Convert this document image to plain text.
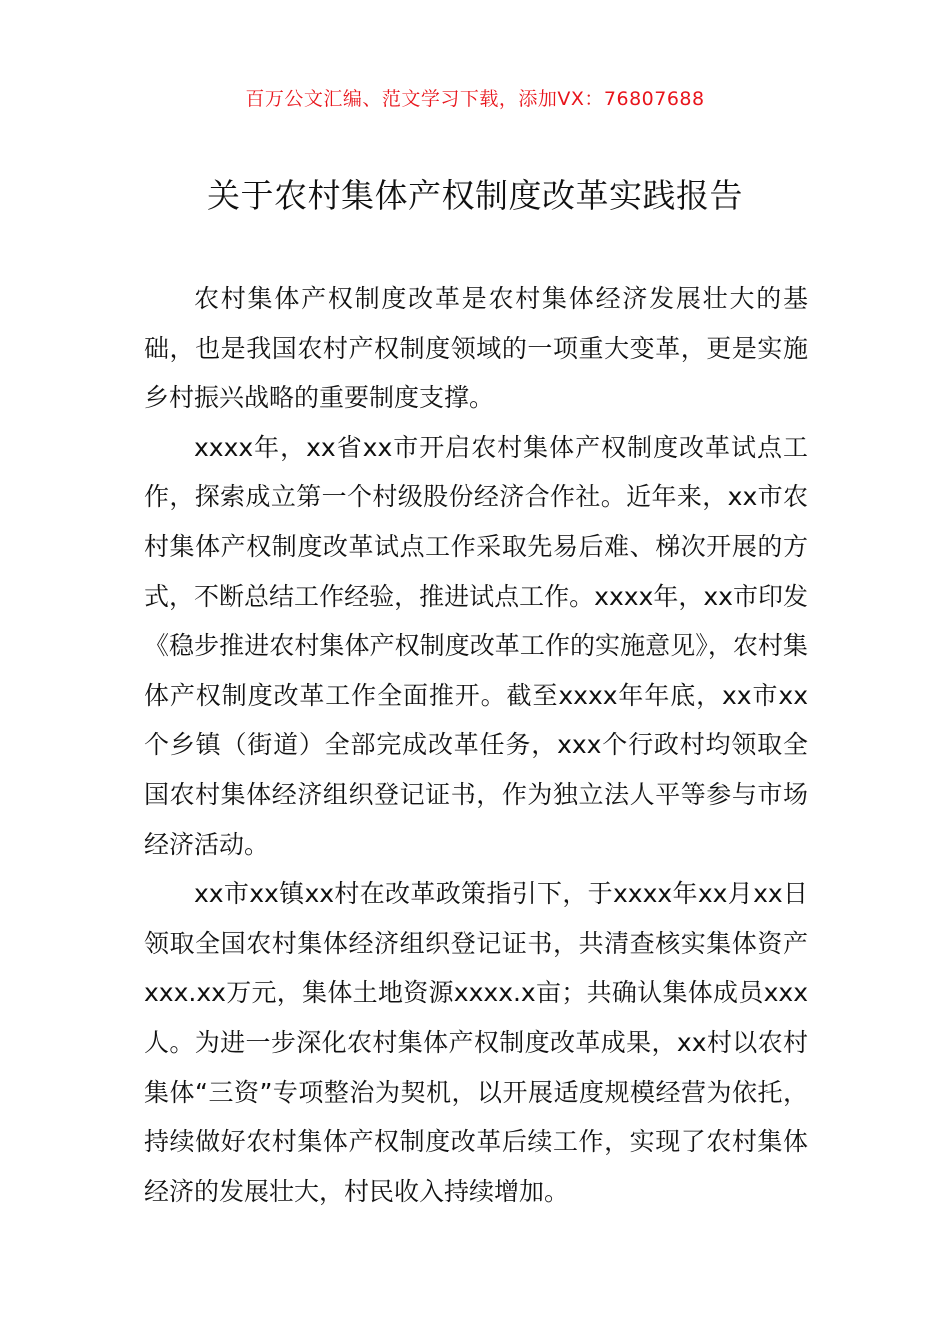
百万公文汇编、范文学习下载，添加VX：76807688
关于农村集体产权制度改革实践报告

农村集体产权制度改革是农村集体经济发展壮大的基础，也是我国农村产权制度领域的一项重大变革，更是实施乡村振兴战略的重要制度支撑。

xxxx年，xx省xx市开启农村集体产权制度改革试点工作，探索成立第一个村级股份经济合作社。近年来，xx市农村集体产权制度改革试点工作采取先易后难、梯次开展的方式，不断总结工作经验，推进试点工作。xxxx年，xx市印发《稳步推进农村集体产权制度改革工作的实施意见》，农村集体产权制度改革工作全面推开。截至xxxx年年底，xx市xx个乡镇（街道）全部完成改革任务，xxx个行政村均领取全国农村集体经济组织登记证书，作为独立法人平等参与市场经济活动。

xx市xx镇xx村在改革政策指引下，于xxxx年xx月xx日领取全国农村集体经济组织登记证书，共清查核实集体资产xxx.xx万元，集体土地资源xxxx.x亩；共确认集体成员xxx人。为进一步深化农村集体产权制度改革成果，xx村以农村集体“三资”专项整治为契机，以开展适度规模经营为依托，持续做好农村集体产权制度改革后续工作，实现了农村集体经济的发展壮大，村民收入持续增加。
